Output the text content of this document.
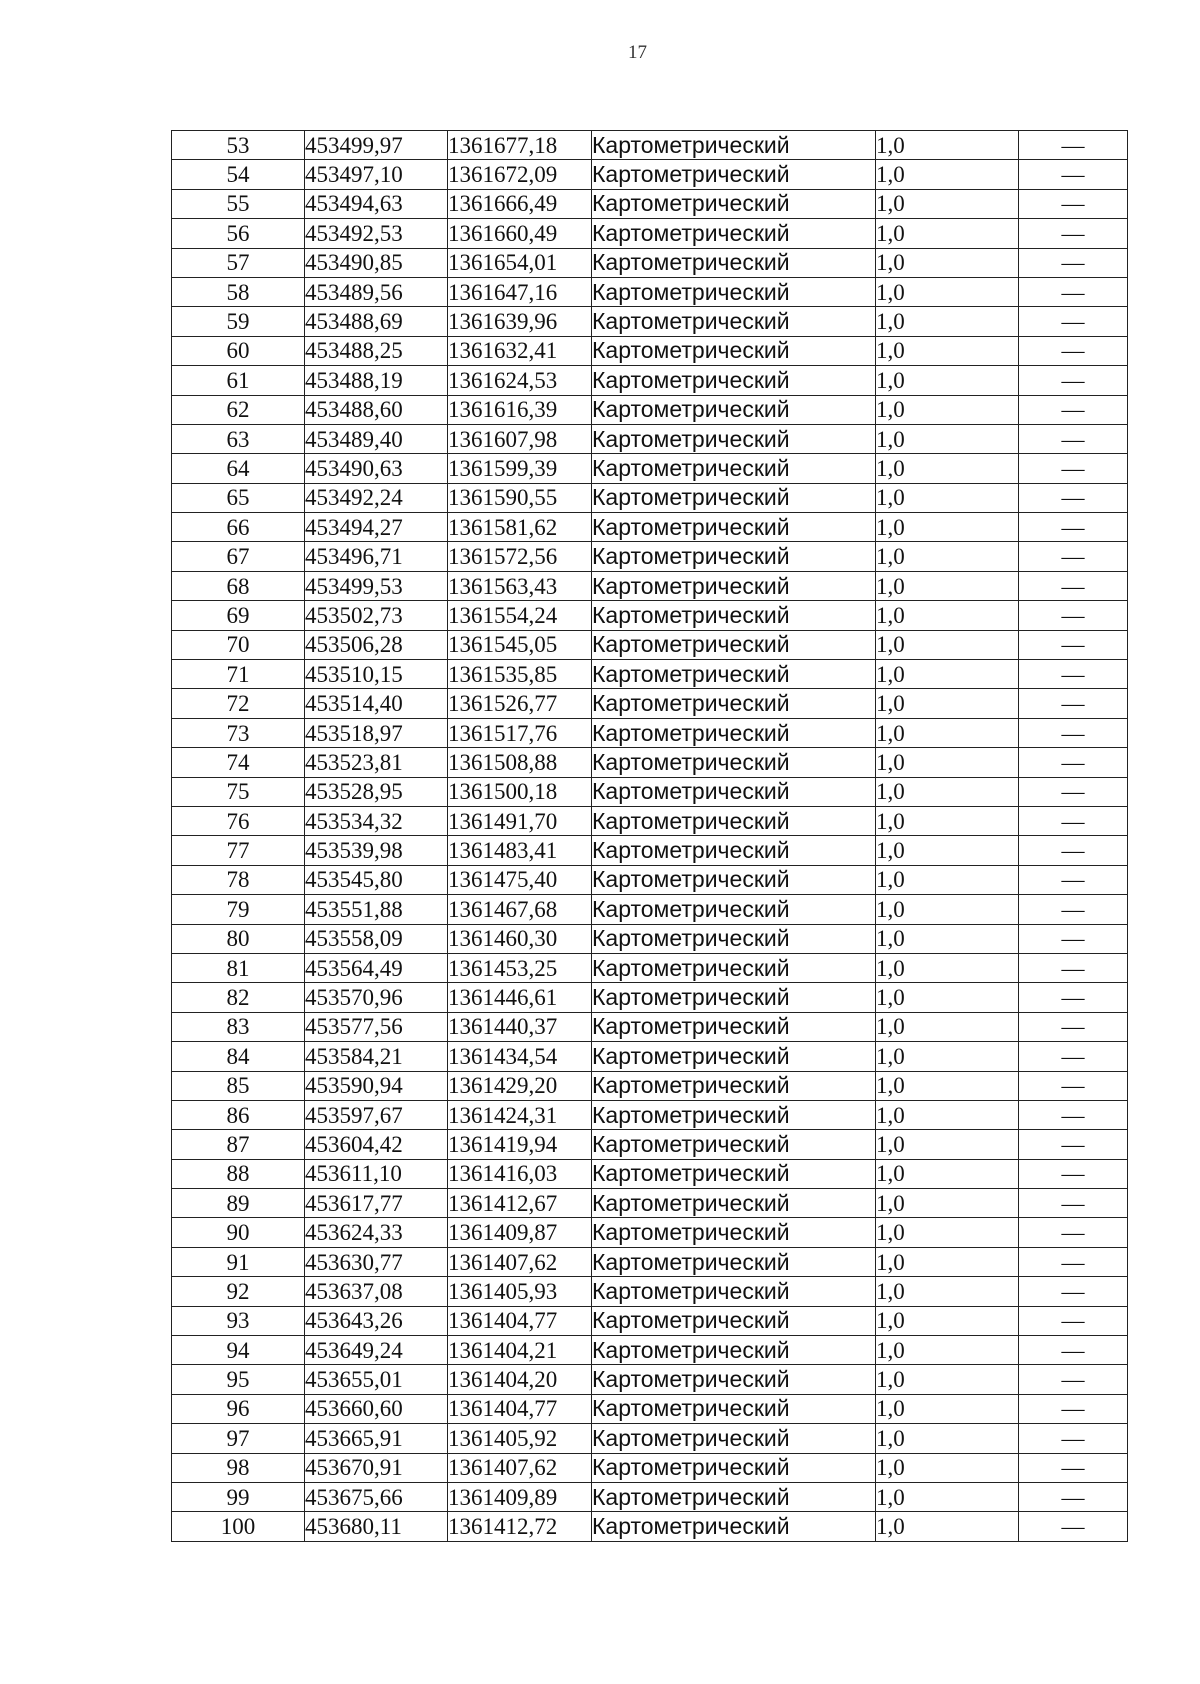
17
53	453499,97	1361677,18	Картометрический	1,0	—
54	453497,10	1361672,09	Картометрический	1,0	—
55	453494,63	1361666,49	Картометрический	1,0	—
56	453492,53	1361660,49	Картометрический	1,0	—
57	453490,85	1361654,01	Картометрический	1,0	—
58	453489,56	1361647,16	Картометрический	1,0	—
59	453488,69	1361639,96	Картометрический	1,0	—
60	453488,25	1361632,41	Картометрический	1,0	—
61	453488,19	1361624,53	Картометрический	1,0	—
62	453488,60	1361616,39	Картометрический	1,0	—
63	453489,40	1361607,98	Картометрический	1,0	—
64	453490,63	1361599,39	Картометрический	1,0	—
65	453492,24	1361590,55	Картометрический	1,0	—
66	453494,27	1361581,62	Картометрический	1,0	—
67	453496,71	1361572,56	Картометрический	1,0	—
68	453499,53	1361563,43	Картометрический	1,0	—
69	453502,73	1361554,24	Картометрический	1,0	—
70	453506,28	1361545,05	Картометрический	1,0	—
71	453510,15	1361535,85	Картометрический	1,0	—
72	453514,40	1361526,77	Картометрический	1,0	—
73	453518,97	1361517,76	Картометрический	1,0	—
74	453523,81	1361508,88	Картометрический	1,0	—
75	453528,95	1361500,18	Картометрический	1,0	—
76	453534,32	1361491,70	Картометрический	1,0	—
77	453539,98	1361483,41	Картометрический	1,0	—
78	453545,80	1361475,40	Картометрический	1,0	—
79	453551,88	1361467,68	Картометрический	1,0	—
80	453558,09	1361460,30	Картометрический	1,0	—
81	453564,49	1361453,25	Картометрический	1,0	—
82	453570,96	1361446,61	Картометрический	1,0	—
83	453577,56	1361440,37	Картометрический	1,0	—
84	453584,21	1361434,54	Картометрический	1,0	—
85	453590,94	1361429,20	Картометрический	1,0	—
86	453597,67	1361424,31	Картометрический	1,0	—
87	453604,42	1361419,94	Картометрический	1,0	—
88	453611,10	1361416,03	Картометрический	1,0	—
89	453617,77	1361412,67	Картометрический	1,0	—
90	453624,33	1361409,87	Картометрический	1,0	—
91	453630,77	1361407,62	Картометрический	1,0	—
92	453637,08	1361405,93	Картометрический	1,0	—
93	453643,26	1361404,77	Картометрический	1,0	—
94	453649,24	1361404,21	Картометрический	1,0	—
95	453655,01	1361404,20	Картометрический	1,0	—
96	453660,60	1361404,77	Картометрический	1,0	—
97	453665,91	1361405,92	Картометрический	1,0	—
98	453670,91	1361407,62	Картометрический	1,0	—
99	453675,66	1361409,89	Картометрический	1,0	—
100	453680,11	1361412,72	Картометрический	1,0	—
